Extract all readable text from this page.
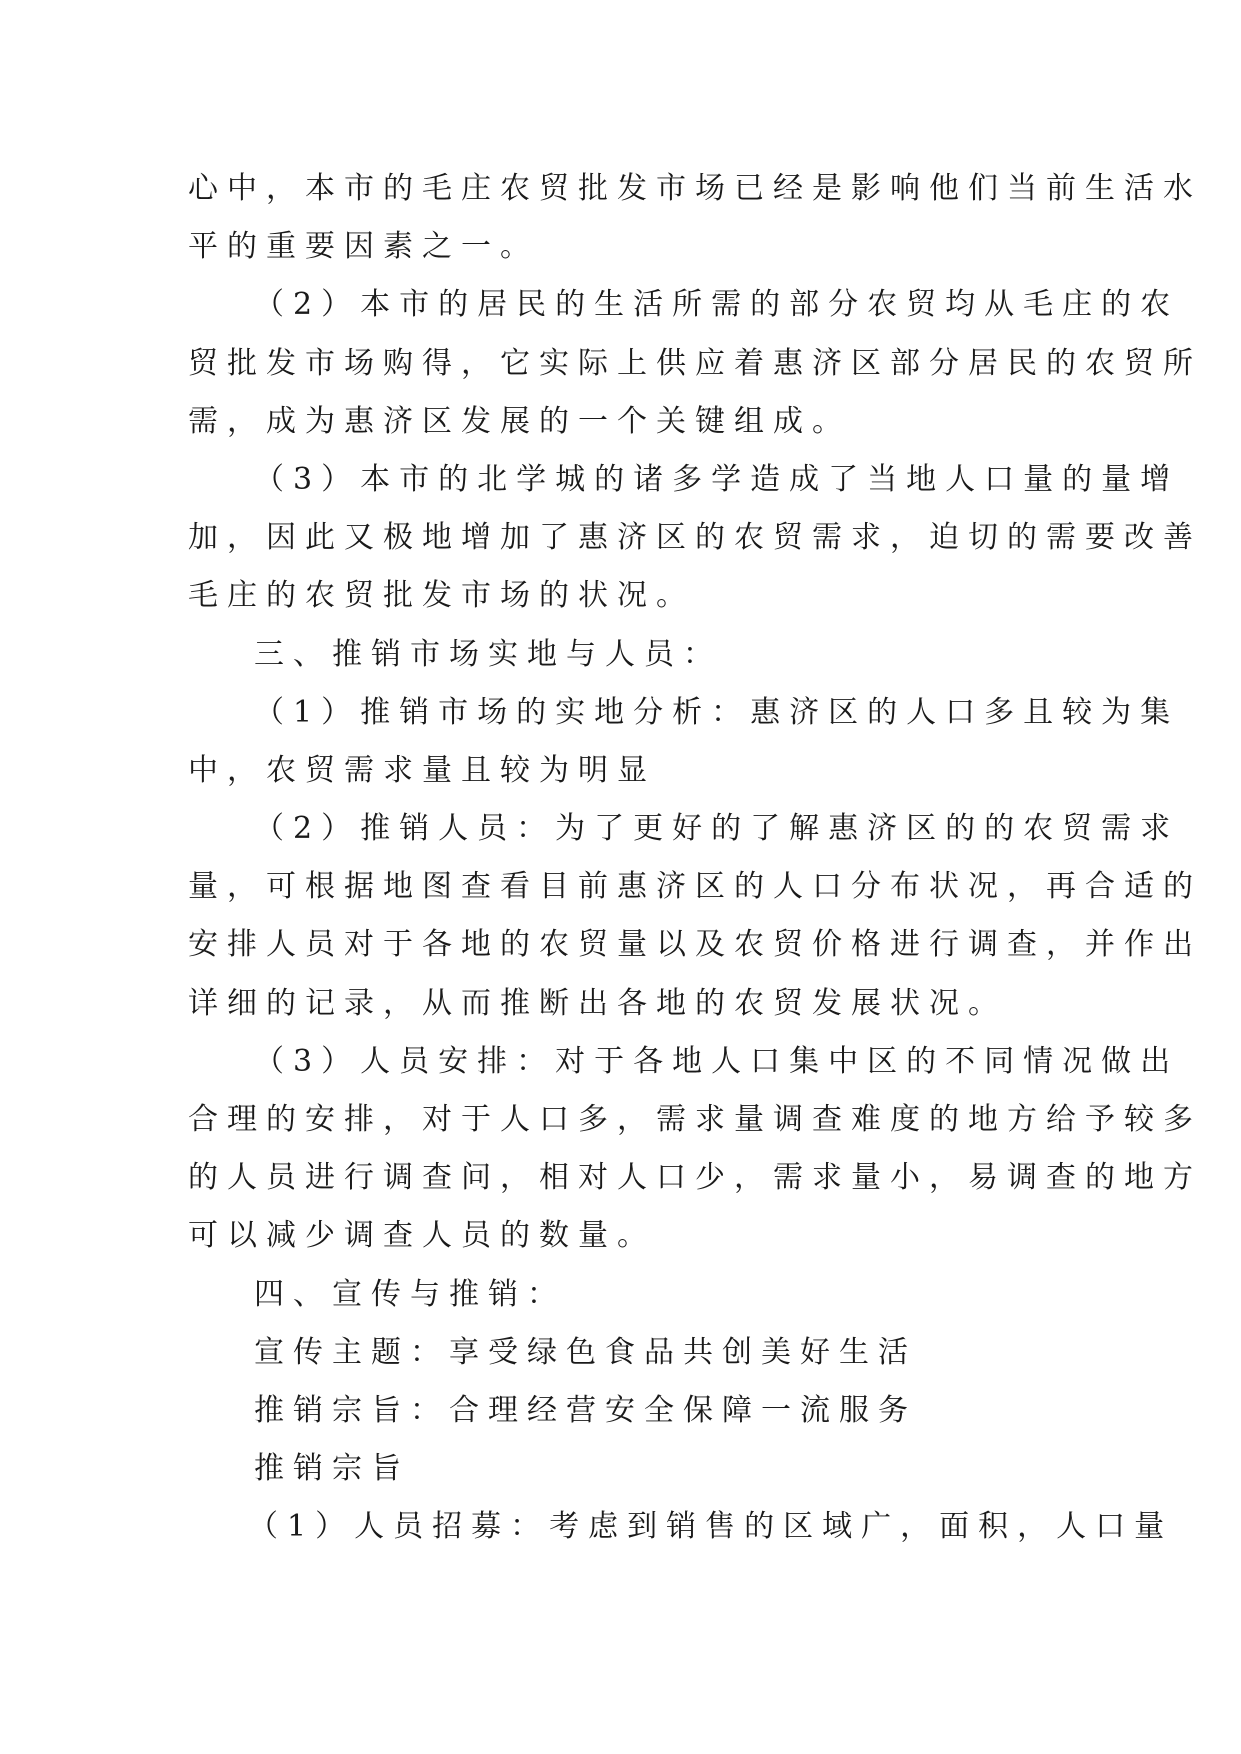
心中，本市的毛庄农贸批发市场已经是影响他们当前生活水
平的重要因素之一。
（2）本市的居民的生活所需的部分农贸均从毛庄的农
贸批发市场购得，它实际上供应着惠济区部分居民的农贸所
需，成为惠济区发展的一个关键组成。
（3）本市的北学城的诸多学造成了当地人口量的量增
加，因此又极地增加了惠济区的农贸需求，迫切的需要改善
毛庄的农贸批发市场的状况。
三、推销市场实地与人员：
（1）推销市场的实地分析：惠济区的人口多且较为集
中，农贸需求量且较为明显
（2）推销人员：为了更好的了解惠济区的的农贸需求
量，可根据地图查看目前惠济区的人口分布状况，再合适的
安排人员对于各地的农贸量以及农贸价格进行调查，并作出
详细的记录，从而推断出各地的农贸发展状况。
（3）人员安排：对于各地人口集中区的不同情况做出
合理的安排，对于人口多，需求量调查难度的地方给予较多
的人员进行调查问，相对人口少，需求量小，易调查的地方
可以减少调查人员的数量。
四、宣传与推销：
宣传主题：享受绿色食品共创美好生活
推销宗旨：合理经营安全保障一流服务
推销宗旨
（1）人员招募：考虑到销售的区域广，面积，人口量
